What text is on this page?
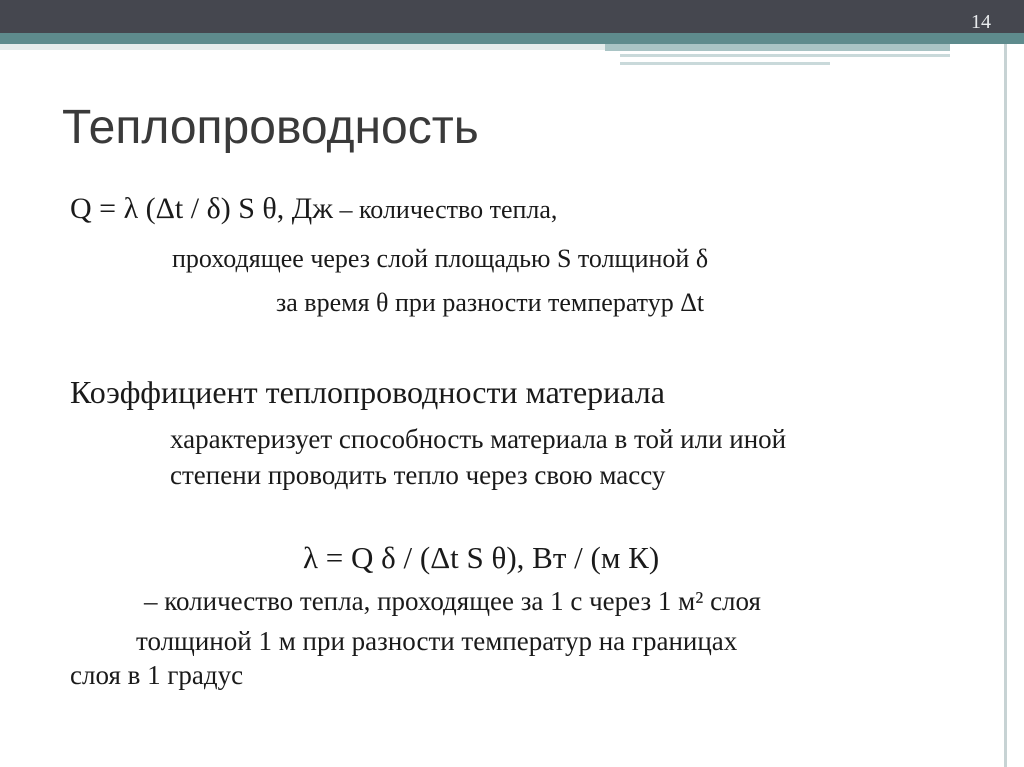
14
Теплопроводность
Q = λ (Δt / δ) S θ, Дж – количество тепла,
проходящее через слой площадью S толщиной δ
за время θ при разности температур Δt
Коэффициент теплопроводности материала
характеризует способность материала в той или иной
степени проводить тепло через свою массу
λ = Q δ / (Δt S θ), Вт / (м К)
– количество тепла, проходящее за 1 с через 1 м² слоя
толщиной 1 м при разности температур на границах
слоя в 1 градус
